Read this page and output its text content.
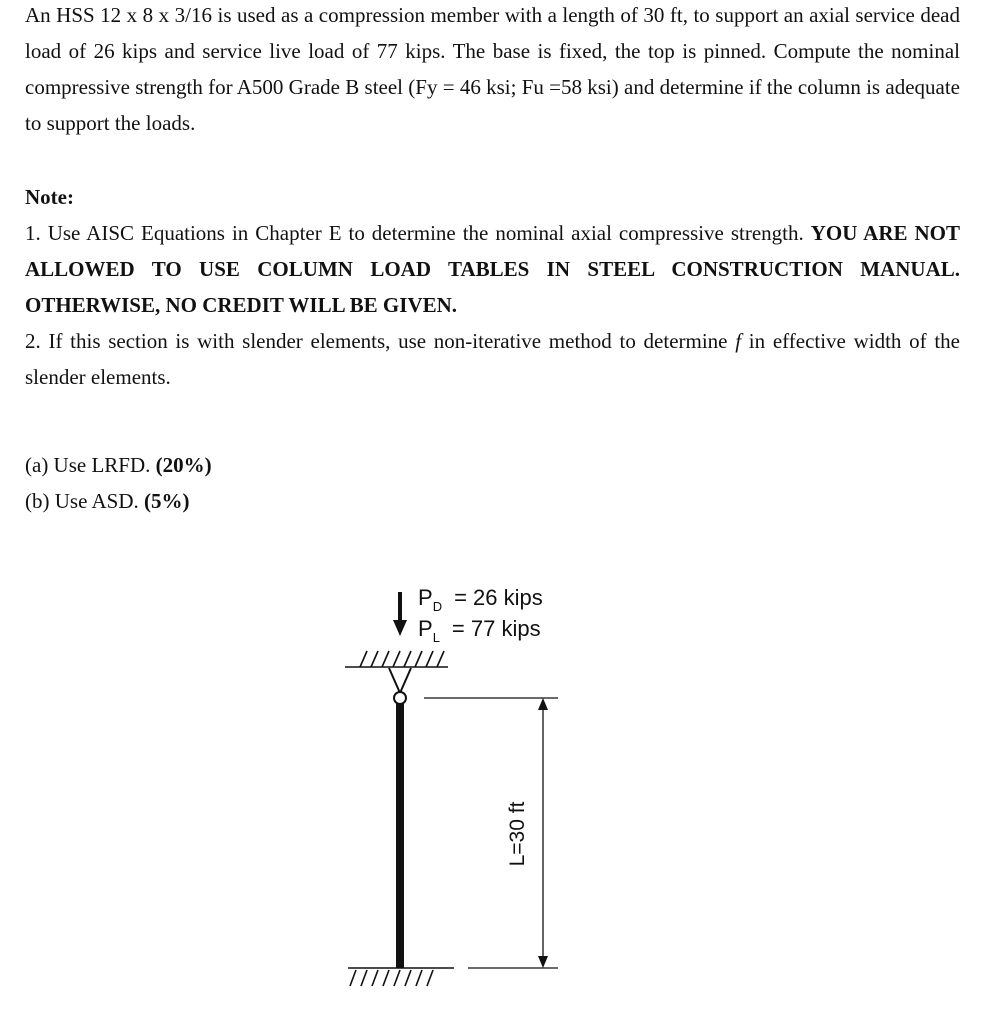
An HSS 12 x 8 x 3/16 is used as a compression member with a length of 30 ft, to support an axial service dead load of 26 kips and service live load of 77 kips. The base is fixed, the top is pinned. Compute the nominal compressive strength for A500 Grade B steel (Fy = 46 ksi; Fu =58 ksi) and determine if the column is adequate to support the loads.

Note:

1. Use AISC Equations in Chapter E to determine the nominal axial compressive strength. YOU ARE NOT ALLOWED TO USE COLUMN LOAD TABLES IN STEEL CONSTRUCTION MANUAL. OTHERWISE, NO CREDIT WILL BE GIVEN.

2. If this section is with slender elements, use non-iterative method to determine f in effective width of the slender elements.

(a) Use LRFD. (20%)
(b) Use ASD. (5%)
$P_D = 26$ kips
$P_L = 77$ kips
L=30 ft
